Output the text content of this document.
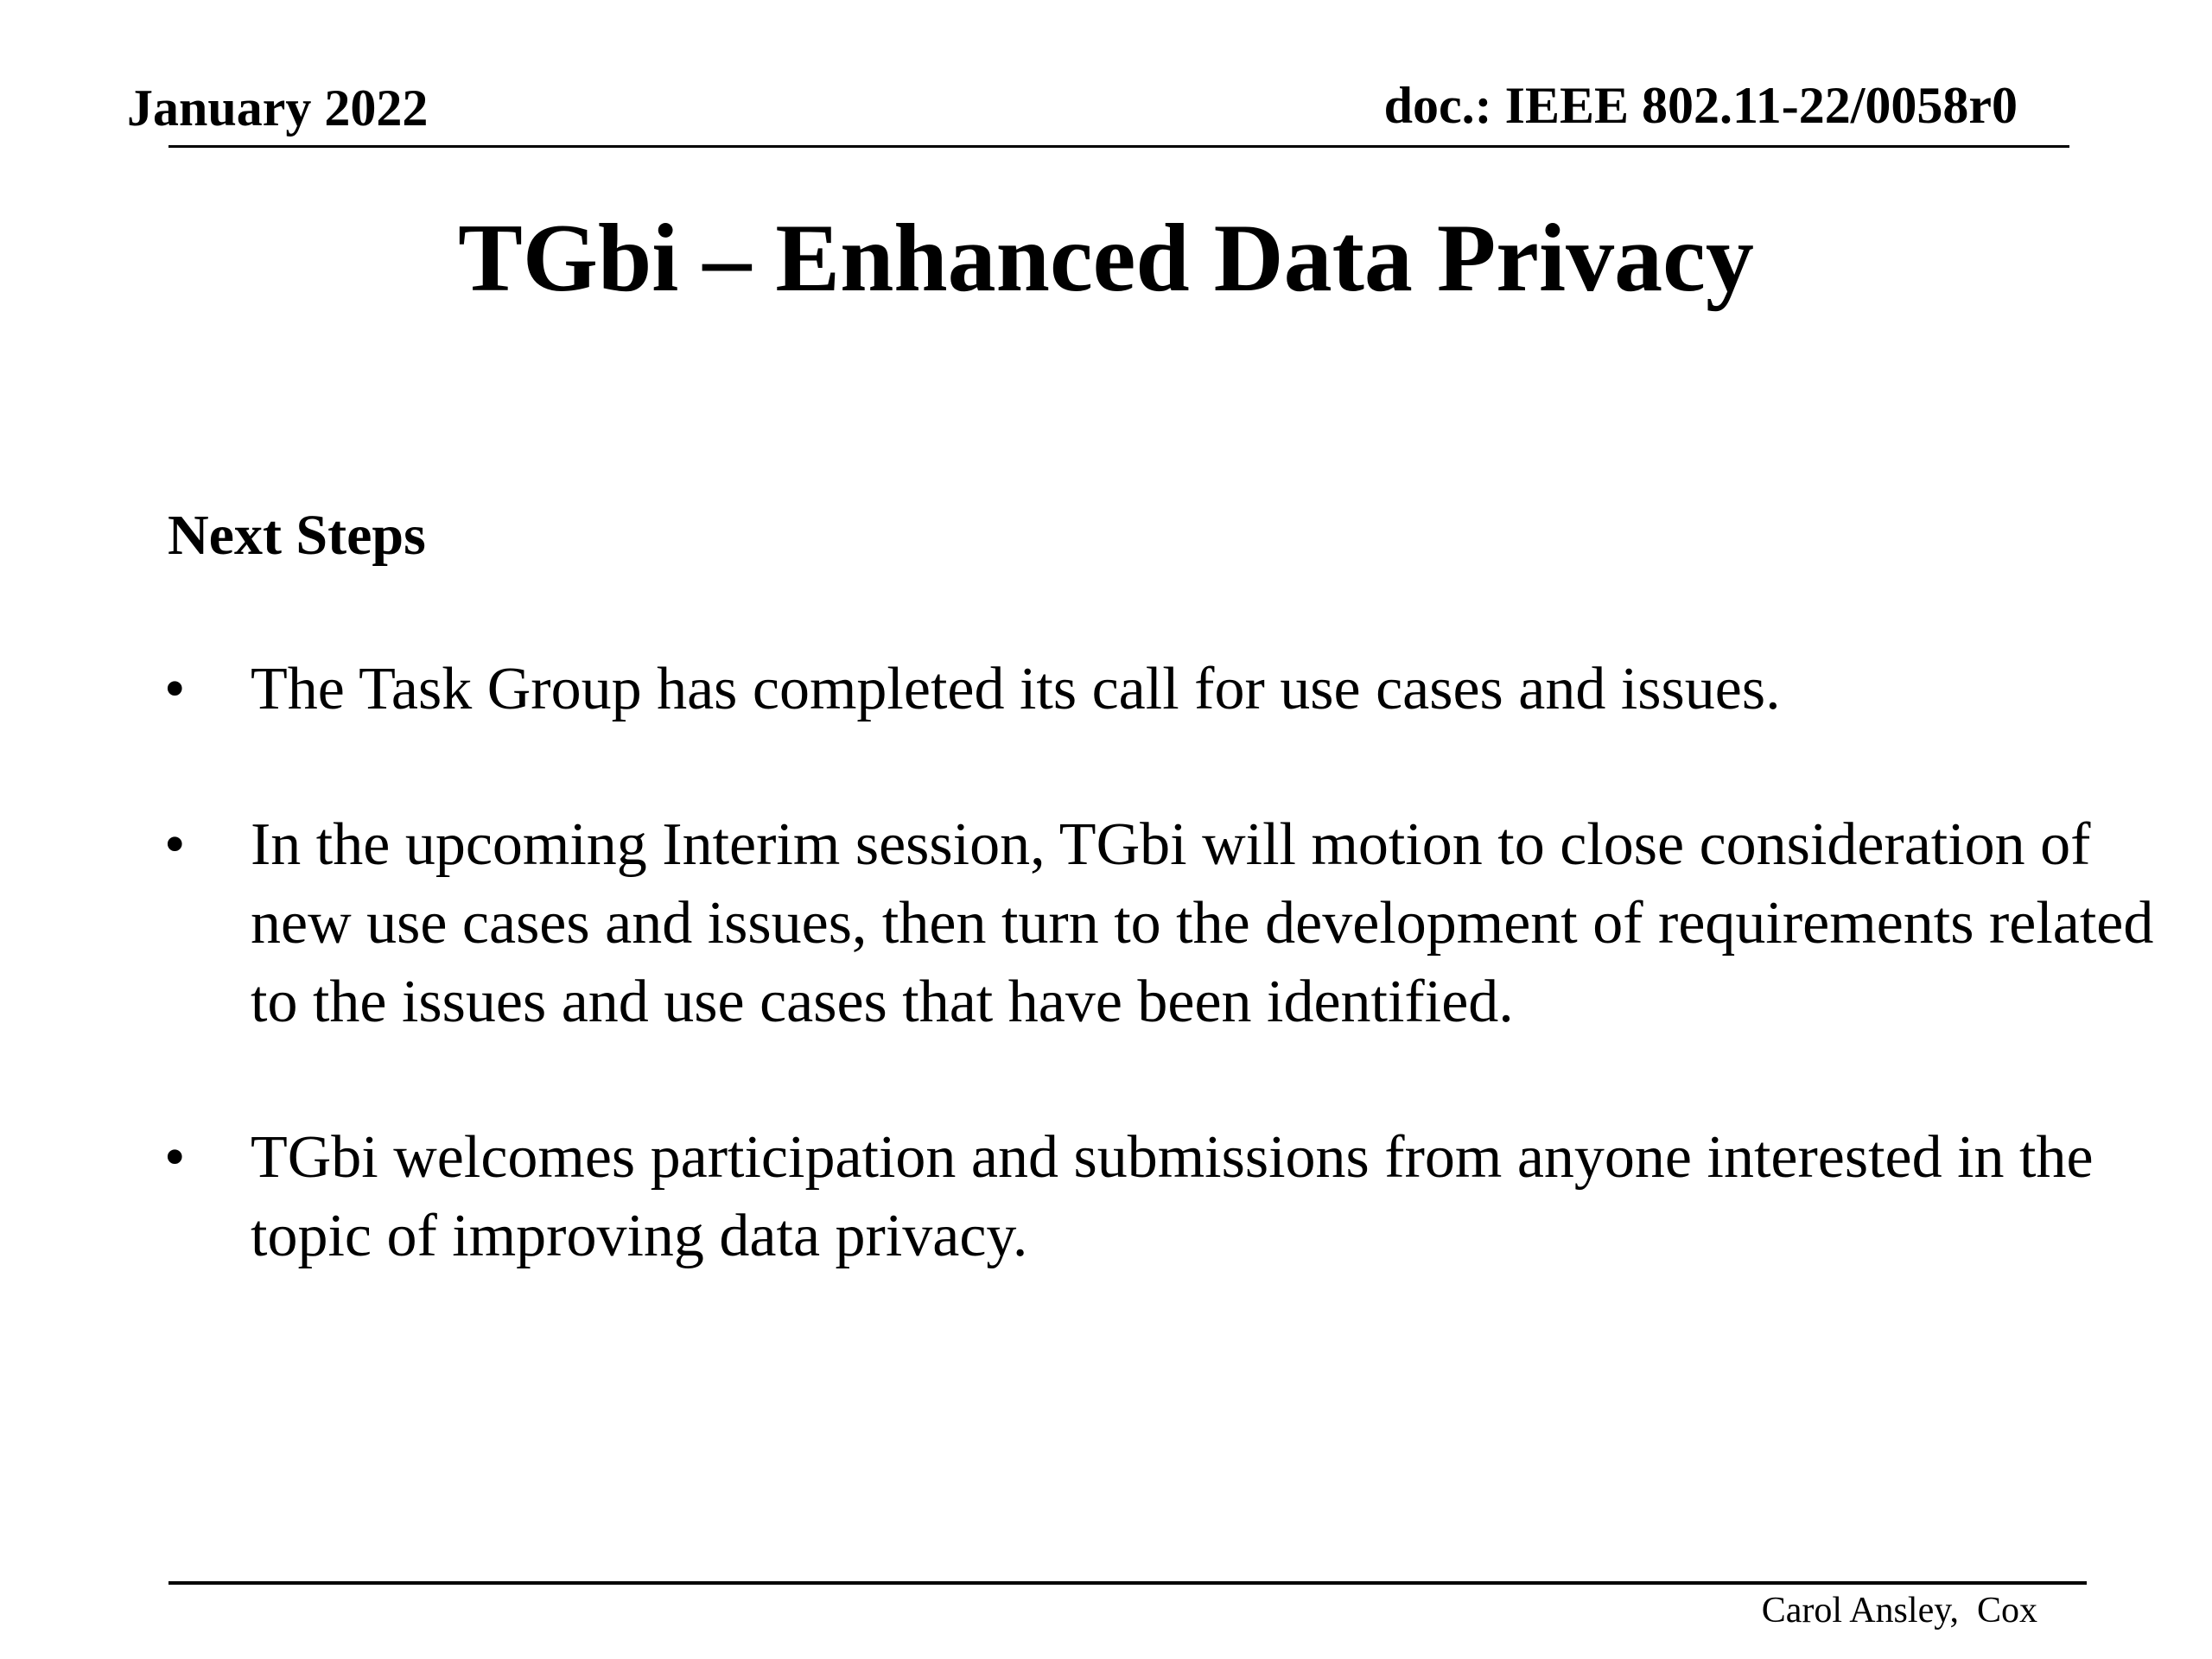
January 2022	doc.: IEEE 802.11-22/0058r0
TGbi – Enhanced Data Privacy
Next Steps
• The Task Group has completed its call for use cases and issues.
• In the upcoming Interim session, TGbi will motion to close consideration of new use cases and issues, then turn to the development of requirements related to the issues and use cases that have been identified.
• TGbi welcomes participation and submissions from anyone interested in the topic of improving data privacy.
Carol Ansley,  Cox
